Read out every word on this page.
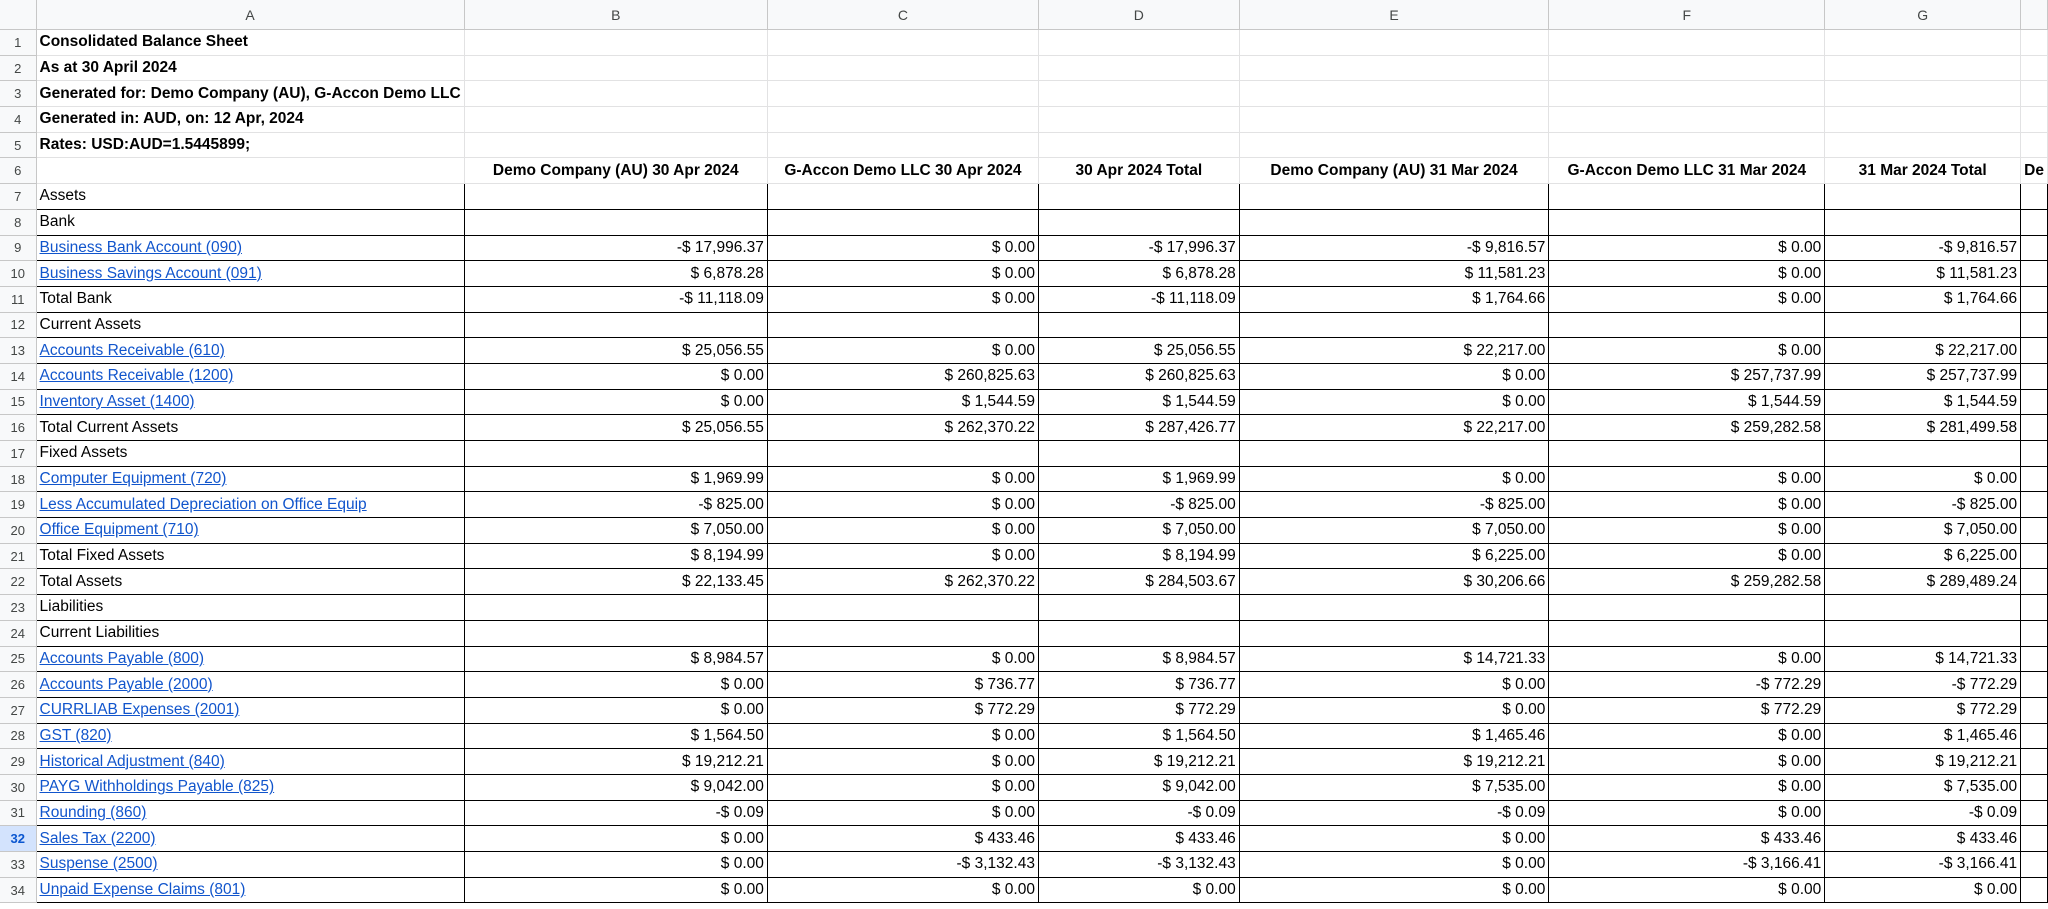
	A	B	C	D	E	F	G	
1	Consolidated Balance Sheet							
2	As at 30 April 2024							
3	Generated for: Demo Company (AU), G-Accon Demo LLC							
4	Generated in: AUD, on: 12 Apr, 2024							
5	Rates: USD:AUD=1.5445899;							
6		Demo Company (AU) 30 Apr 2024	G-Accon Demo LLC 30 Apr 2024	30 Apr 2024 Total	Demo Company (AU) 31 Mar 2024	G-Accon Demo LLC 31 Mar 2024	31 Mar 2024 Total	De
7	Assets							
8	Bank							
9	Business Bank Account (090)	-$ 17,996.37	$ 0.00	-$ 17,996.37	-$ 9,816.57	$ 0.00	-$ 9,816.57	
10	Business Savings Account (091)	$ 6,878.28	$ 0.00	$ 6,878.28	$ 11,581.23	$ 0.00	$ 11,581.23	
11	Total Bank	-$ 11,118.09	$ 0.00	-$ 11,118.09	$ 1,764.66	$ 0.00	$ 1,764.66	
12	Current Assets							
13	Accounts Receivable (610)	$ 25,056.55	$ 0.00	$ 25,056.55	$ 22,217.00	$ 0.00	$ 22,217.00	
14	Accounts Receivable (1200)	$ 0.00	$ 260,825.63	$ 260,825.63	$ 0.00	$ 257,737.99	$ 257,737.99	
15	Inventory Asset (1400)	$ 0.00	$ 1,544.59	$ 1,544.59	$ 0.00	$ 1,544.59	$ 1,544.59	
16	Total Current Assets	$ 25,056.55	$ 262,370.22	$ 287,426.77	$ 22,217.00	$ 259,282.58	$ 281,499.58	
17	Fixed Assets							
18	Computer Equipment (720)	$ 1,969.99	$ 0.00	$ 1,969.99	$ 0.00	$ 0.00	$ 0.00	
19	Less Accumulated Depreciation on Office Equip	-$ 825.00	$ 0.00	-$ 825.00	-$ 825.00	$ 0.00	-$ 825.00	
20	Office Equipment (710)	$ 7,050.00	$ 0.00	$ 7,050.00	$ 7,050.00	$ 0.00	$ 7,050.00	
21	Total Fixed Assets	$ 8,194.99	$ 0.00	$ 8,194.99	$ 6,225.00	$ 0.00	$ 6,225.00	
22	Total Assets	$ 22,133.45	$ 262,370.22	$ 284,503.67	$ 30,206.66	$ 259,282.58	$ 289,489.24	
23	Liabilities							
24	Current Liabilities							
25	Accounts Payable (800)	$ 8,984.57	$ 0.00	$ 8,984.57	$ 14,721.33	$ 0.00	$ 14,721.33	
26	Accounts Payable (2000)	$ 0.00	$ 736.77	$ 736.77	$ 0.00	-$ 772.29	-$ 772.29	
27	CURRLIAB Expenses (2001)	$ 0.00	$ 772.29	$ 772.29	$ 0.00	$ 772.29	$ 772.29	
28	GST (820)	$ 1,564.50	$ 0.00	$ 1,564.50	$ 1,465.46	$ 0.00	$ 1,465.46	
29	Historical Adjustment (840)	$ 19,212.21	$ 0.00	$ 19,212.21	$ 19,212.21	$ 0.00	$ 19,212.21	
30	PAYG Withholdings Payable (825)	$ 9,042.00	$ 0.00	$ 9,042.00	$ 7,535.00	$ 0.00	$ 7,535.00	
31	Rounding (860)	-$ 0.09	$ 0.00	-$ 0.09	-$ 0.09	$ 0.00	-$ 0.09	
32	Sales Tax (2200)	$ 0.00	$ 433.46	$ 433.46	$ 0.00	$ 433.46	$ 433.46	
33	Suspense (2500)	$ 0.00	-$ 3,132.43	-$ 3,132.43	$ 0.00	-$ 3,166.41	-$ 3,166.41	
34	Unpaid Expense Claims (801)	$ 0.00	$ 0.00	$ 0.00	$ 0.00	$ 0.00	$ 0.00	
